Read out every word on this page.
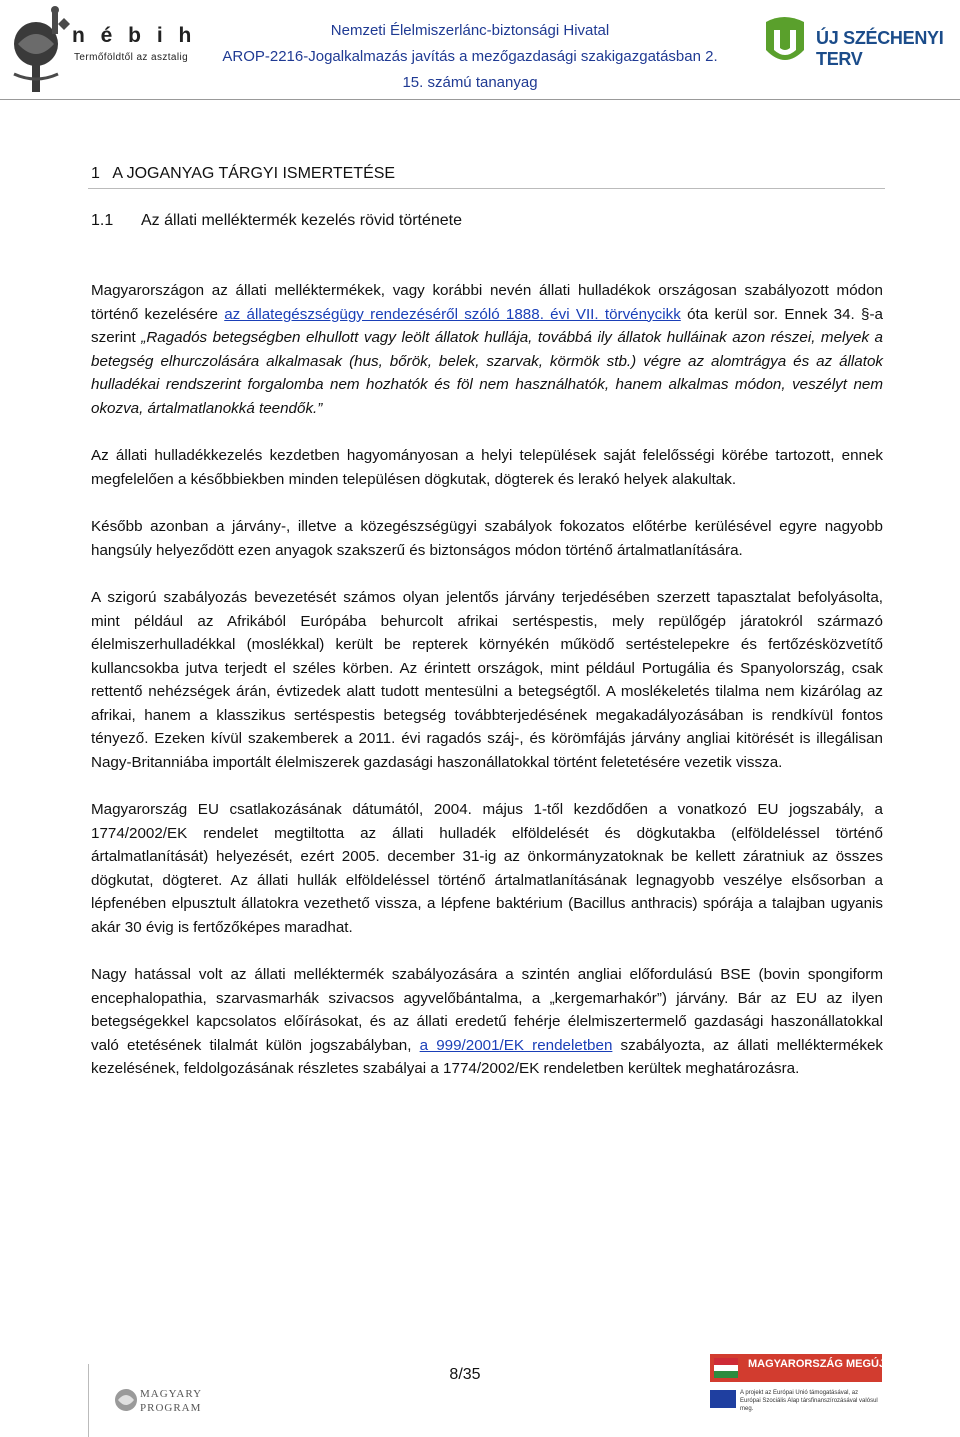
n é b i h
Termőföldtől az asztalig
Nemzeti Élelmiszerlánc-biztonsági Hivatal
AROP-2216-Jogalkalmazás javítás a mezőgazdasági szakigazgatásban 2.
15. számú tananyag
ÚJ SZÉCHENYI TERV
1   A JOGANYAG TÁRGYI ISMERTETÉSE
1.1 Az állati melléktermék kezelés rövid története

Magyarországon az állati melléktermékek, vagy korábbi nevén állati hulladékok országosan szabályozott módon történő kezelésére az állategészségügy rendezéséről szóló 1888. évi VII. törvénycikk óta kerül sor. Ennek 34. §-a szerint „Ragadós betegségben elhullott vagy leölt állatok hullája, továbbá ily állatok hulláinak azon részei, melyek a betegség elhurczolására alkalmasak (hus, bőrök, belek, szarvak, körmök stb.) végre az alomtrágya és az állatok hulladékai rendszerint forgalomba nem hozhatók és föl nem használhatók, hanem alkalmas módon, veszélyt nem okozva, ártalmatlanokká teendők.”

Az állati hulladékkezelés kezdetben hagyományosan a helyi települések saját felelősségi körébe tartozott, ennek megfelelően a későbbiekben minden településen dögkutak, dögterek és lerakó helyek alakultak.

Később azonban a járvány-, illetve a közegészségügyi szabályok fokozatos előtérbe kerülésével egyre nagyobb hangsúly helyeződött ezen anyagok szakszerű és biztonságos módon történő ártalmatlanítására.

A szigorú szabályozás bevezetését számos olyan jelentős járvány terjedésében szerzett tapasztalat befolyásolta, mint például az Afrikából Európába behurcolt afrikai sertéspestis, mely repülőgép járatokról származó élelmiszerhulladékkal (moslékkal) került be repterek környékén működő sertéstelepekre és fertőzésközvetítő kullancsokba jutva terjedt el széles körben. Az érintett országok, mint például Portugália és Spanyolország, csak rettentő nehézségek árán, évtizedek alatt tudott mentesülni a betegségtől. A moslékeletés tilalma nem kizárólag az afrikai, hanem a klasszikus sertéspestis betegség továbbterjedésének megakadályozásában is rendkívül fontos tényező. Ezeken kívül szakemberek a 2011. évi ragadós száj-, és körömfájás járvány angliai kitörését is illegálisan Nagy-Britanniába importált élelmiszerek gazdasági haszonállatokkal történt feletetésére vezetik vissza.

Magyarország EU csatlakozásának dátumától, 2004. május 1-től kezdődően a vonatkozó EU jogszabály, a 1774/2002/EK rendelet megtiltotta az állati hulladék elföldelését és dögkutakba (elföldeléssel történő ártalmatlanítását) helyezését, ezért 2005. december 31-ig az önkormányzatoknak be kellett záratniuk az összes dögkutat, dögteret. Az állati hullák elföldeléssel történő ártalmatlanításának legnagyobb veszélye elsősorban a lépfenében elpusztult állatokra vezethető vissza, a lépfene baktérium (Bacillus anthracis) spórája a talajban ugyanis akár 30 évig is fertőzőképes maradhat.

Nagy hatással volt az állati melléktermék szabályozására a szintén angliai előfordulású BSE (bovin spongiform encephalopathia, szarvasmarhák szivacsos agyvelőbántalma, a „kergemarhakór”) járvány. Bár az EU az ilyen betegségekkel kapcsolatos előírásokat, és az állati eredetű fehérje élelmiszertermelő gazdasági haszonállatokkal való etetésének tilalmát külön jogszabályban, a 999/2001/EK rendeletben szabályozta, az állati melléktermékek kezelésének, feldolgozásának részletes szabályai a 1774/2002/EK rendeletben kerültek meghatározásra.

MAGYARY
PROGRAM
8/35
MAGYARORSZÁG MEGÚJUL
A projekt az Európai Unió támogatásával, az Európai Szociális Alap társfinanszírozásával valósul meg.
